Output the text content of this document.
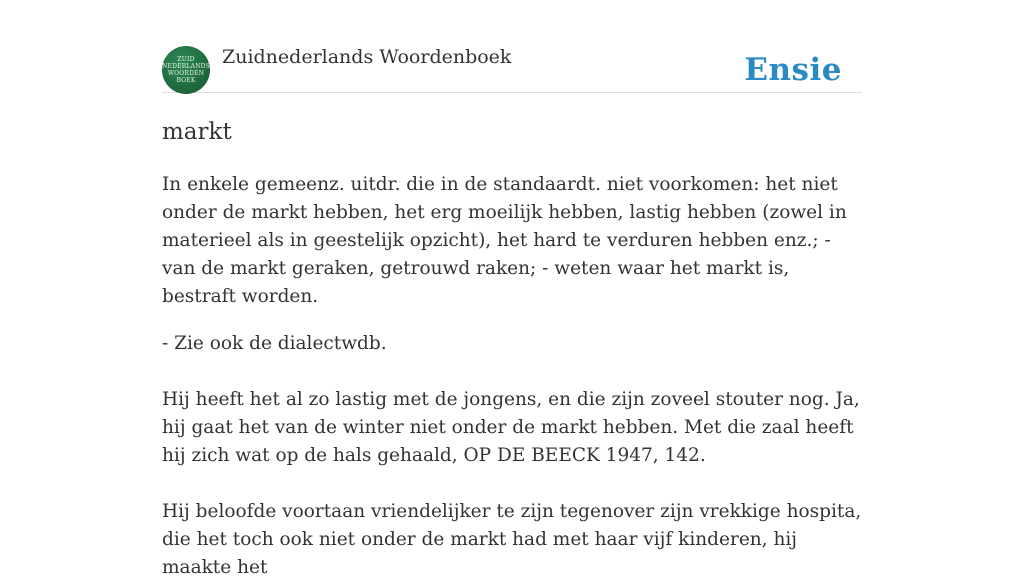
ZUID
NEDERLANDS
WOORDEN
BOEK
Zuidnederlands Woordenboek	Ensie
markt

In enkele gemeenz. uitdr. die in de standaardt. niet voorkomen: het niet onder de markt hebben, het erg moeilijk hebben, lastig hebben (zowel in materieel als in geestelijk opzicht), het hard te verduren hebben enz.; - van de markt geraken, getrouwd raken; - weten waar het markt is, bestraft worden.

- Zie ook de dialectwdb.

Hij heeft het al zo lastig met de jongens, en die zijn zoveel stouter nog. Ja, hij gaat het van de winter niet onder de markt hebben. Met die zaal heeft hij zich wat op de hals gehaald, OP DE BEECK 1947, 142.

Hij beloofde voortaan vriendelijker te zijn tegenover zijn vrekkige hospita, die het toch ook niet onder de markt had met haar vijf kinderen, hij maakte het
